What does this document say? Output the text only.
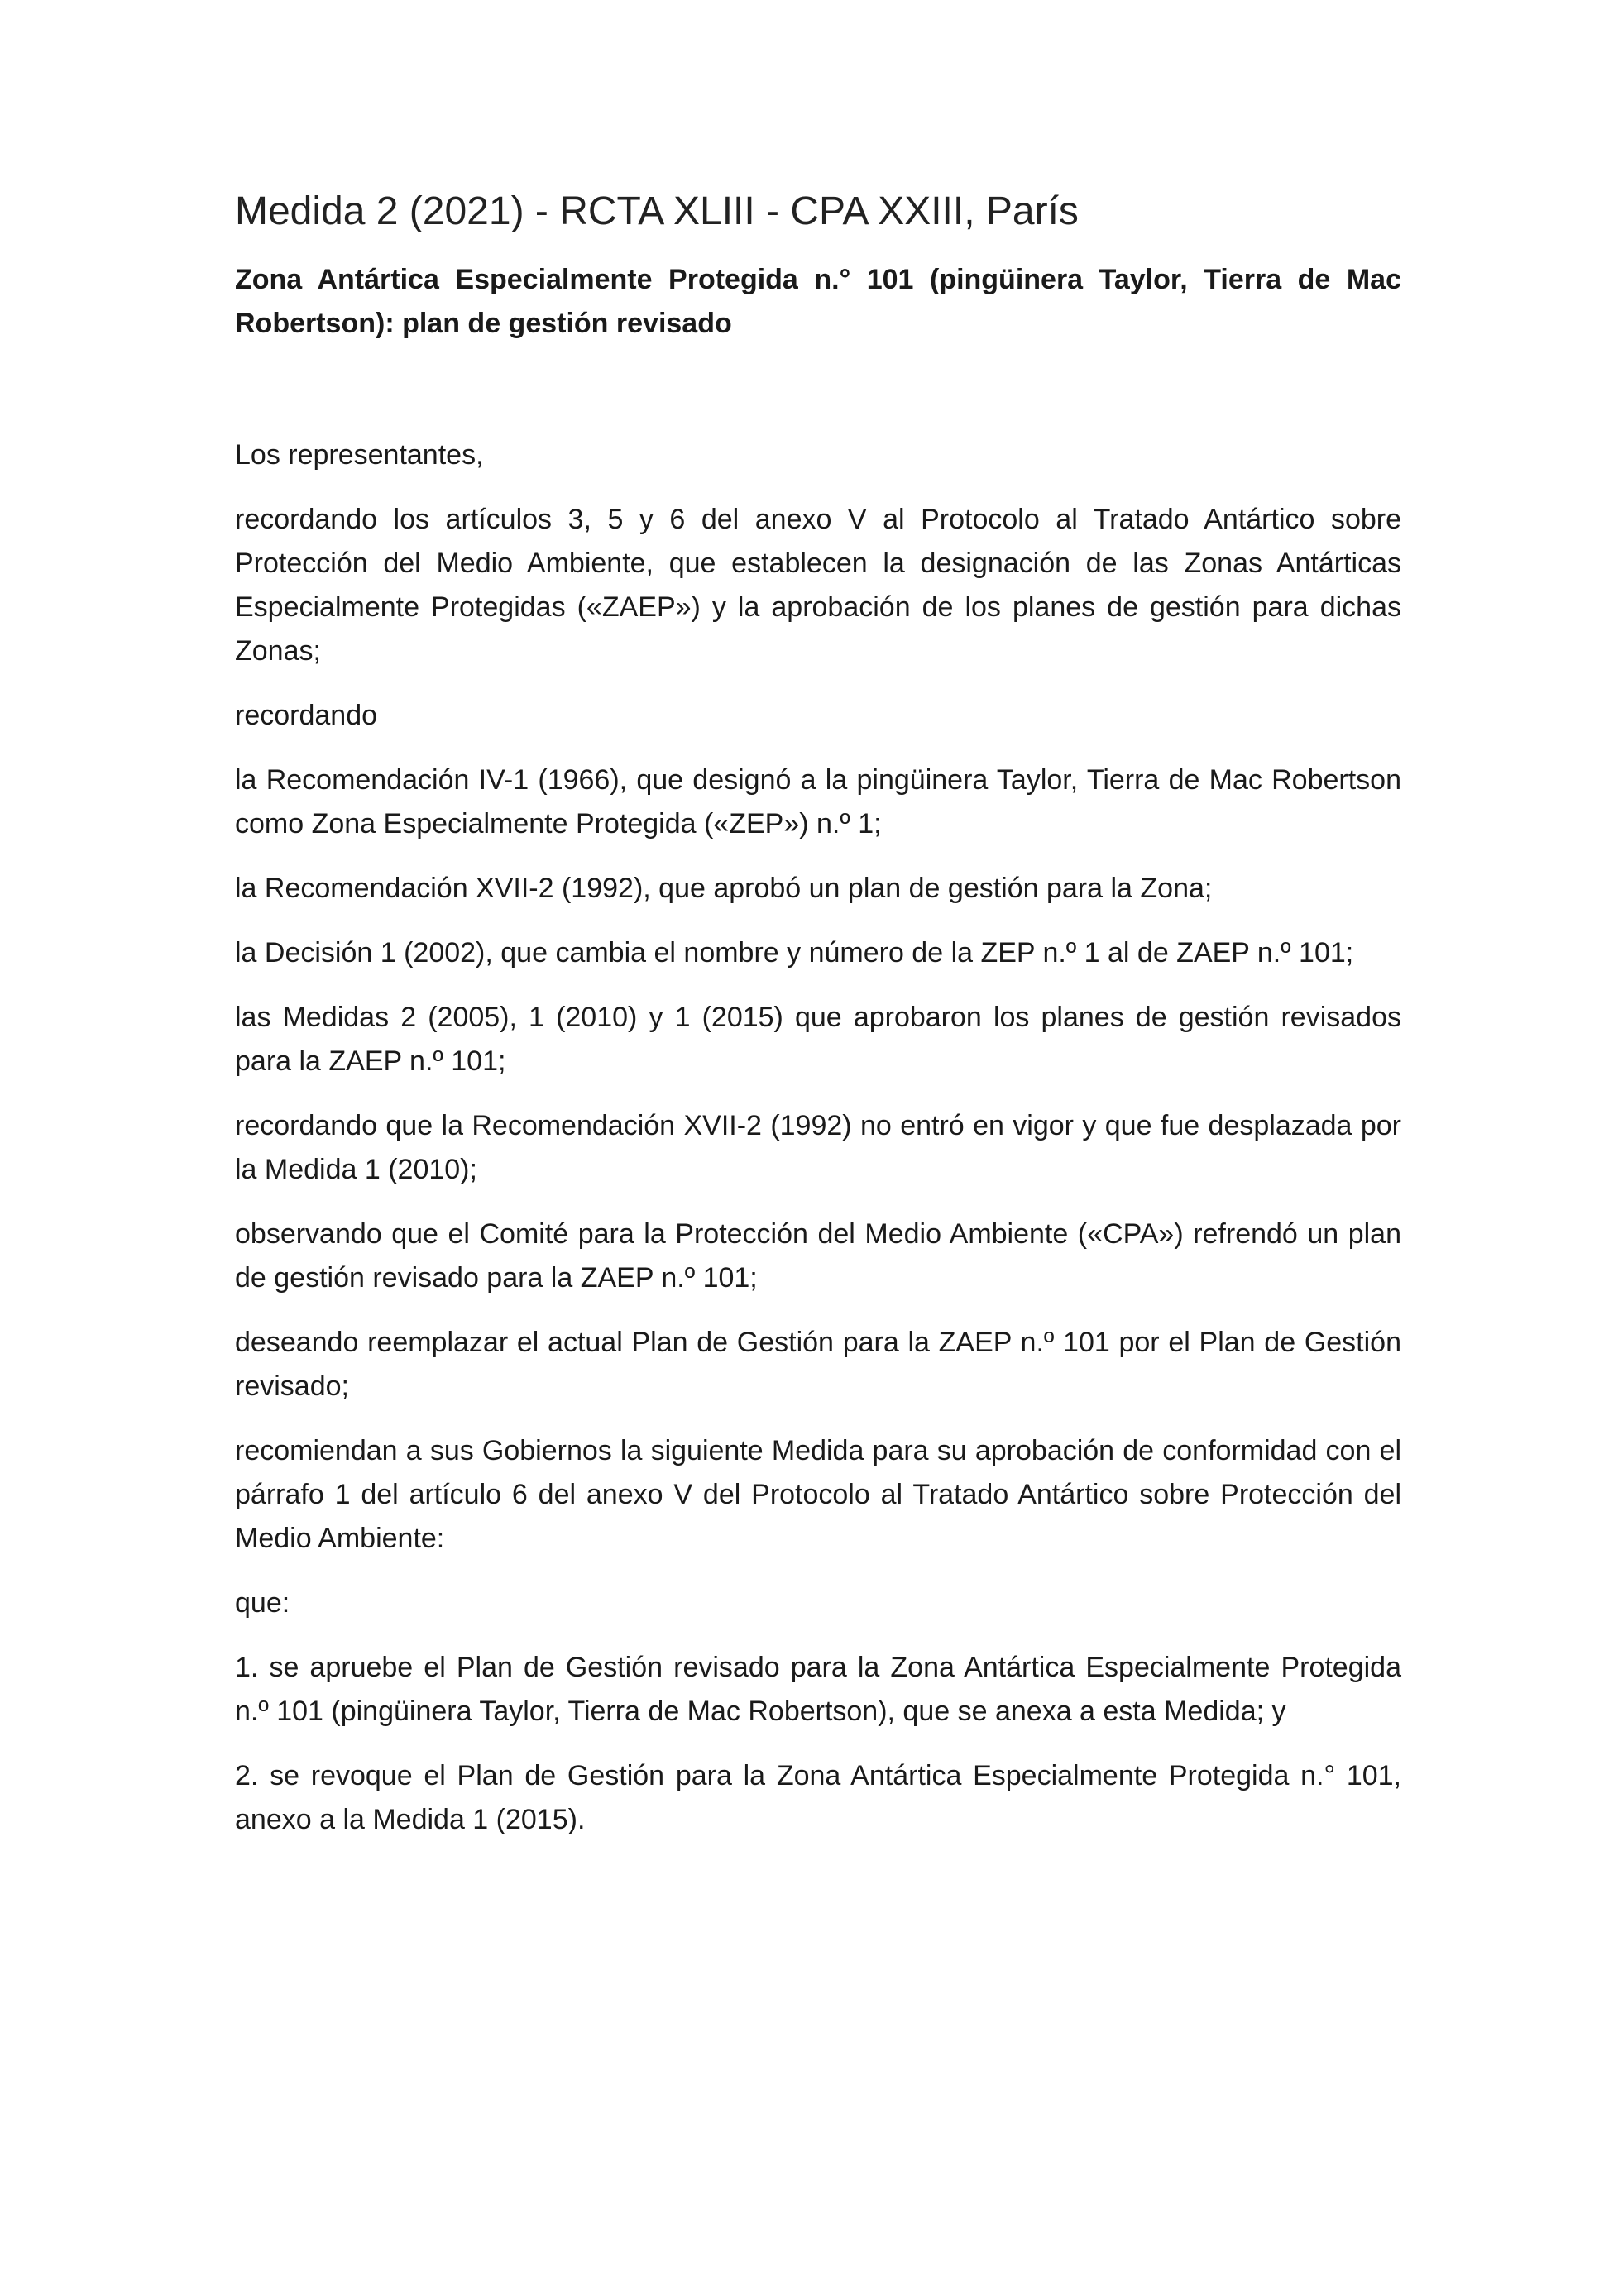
Medida 2 (2021) - RCTA XLIII - CPA XXIII, París
Zona Antártica Especialmente Protegida n.° 101 (pingüinera Taylor, Tierra de Mac Robertson): plan de gestión revisado

Los representantes,

recordando los artículos 3, 5 y 6 del anexo V al Protocolo al Tratado Antártico sobre Protección del Medio Ambiente, que establecen la designación de las Zonas Antárticas Especialmente Protegidas («ZAEP») y la aprobación de los planes de gestión para dichas Zonas;

recordando

la Recomendación IV-1 (1966), que designó a la pingüinera Taylor, Tierra de Mac Robertson como Zona Especialmente Protegida («ZEP») n.º 1;

la Recomendación XVII-2 (1992), que aprobó un plan de gestión para la Zona;

la Decisión 1 (2002), que cambia el nombre y número de la ZEP n.º 1 al de ZAEP n.º 101;

las Medidas 2 (2005), 1 (2010) y 1 (2015) que aprobaron los planes de gestión revisados para la ZAEP n.º 101;

recordando que la Recomendación XVII-2 (1992) no entró en vigor y que fue desplazada por la Medida 1 (2010);

observando que el Comité para la Protección del Medio Ambiente («CPA») refrendó un plan de gestión revisado para la ZAEP n.º 101;

deseando reemplazar el actual Plan de Gestión para la ZAEP n.º 101 por el Plan de Gestión revisado;

recomiendan a sus Gobiernos la siguiente Medida para su aprobación de conformidad con el párrafo 1 del artículo 6 del anexo V del Protocolo al Tratado Antártico sobre Protección del Medio Ambiente:

que:

1. se apruebe el Plan de Gestión revisado para la Zona Antártica Especialmente Protegida n.º 101 (pingüinera Taylor, Tierra de Mac Robertson), que se anexa a esta Medida; y

2. se revoque el Plan de Gestión para la Zona Antártica Especialmente Protegida n.° 101, anexo a la Medida 1 (2015).
